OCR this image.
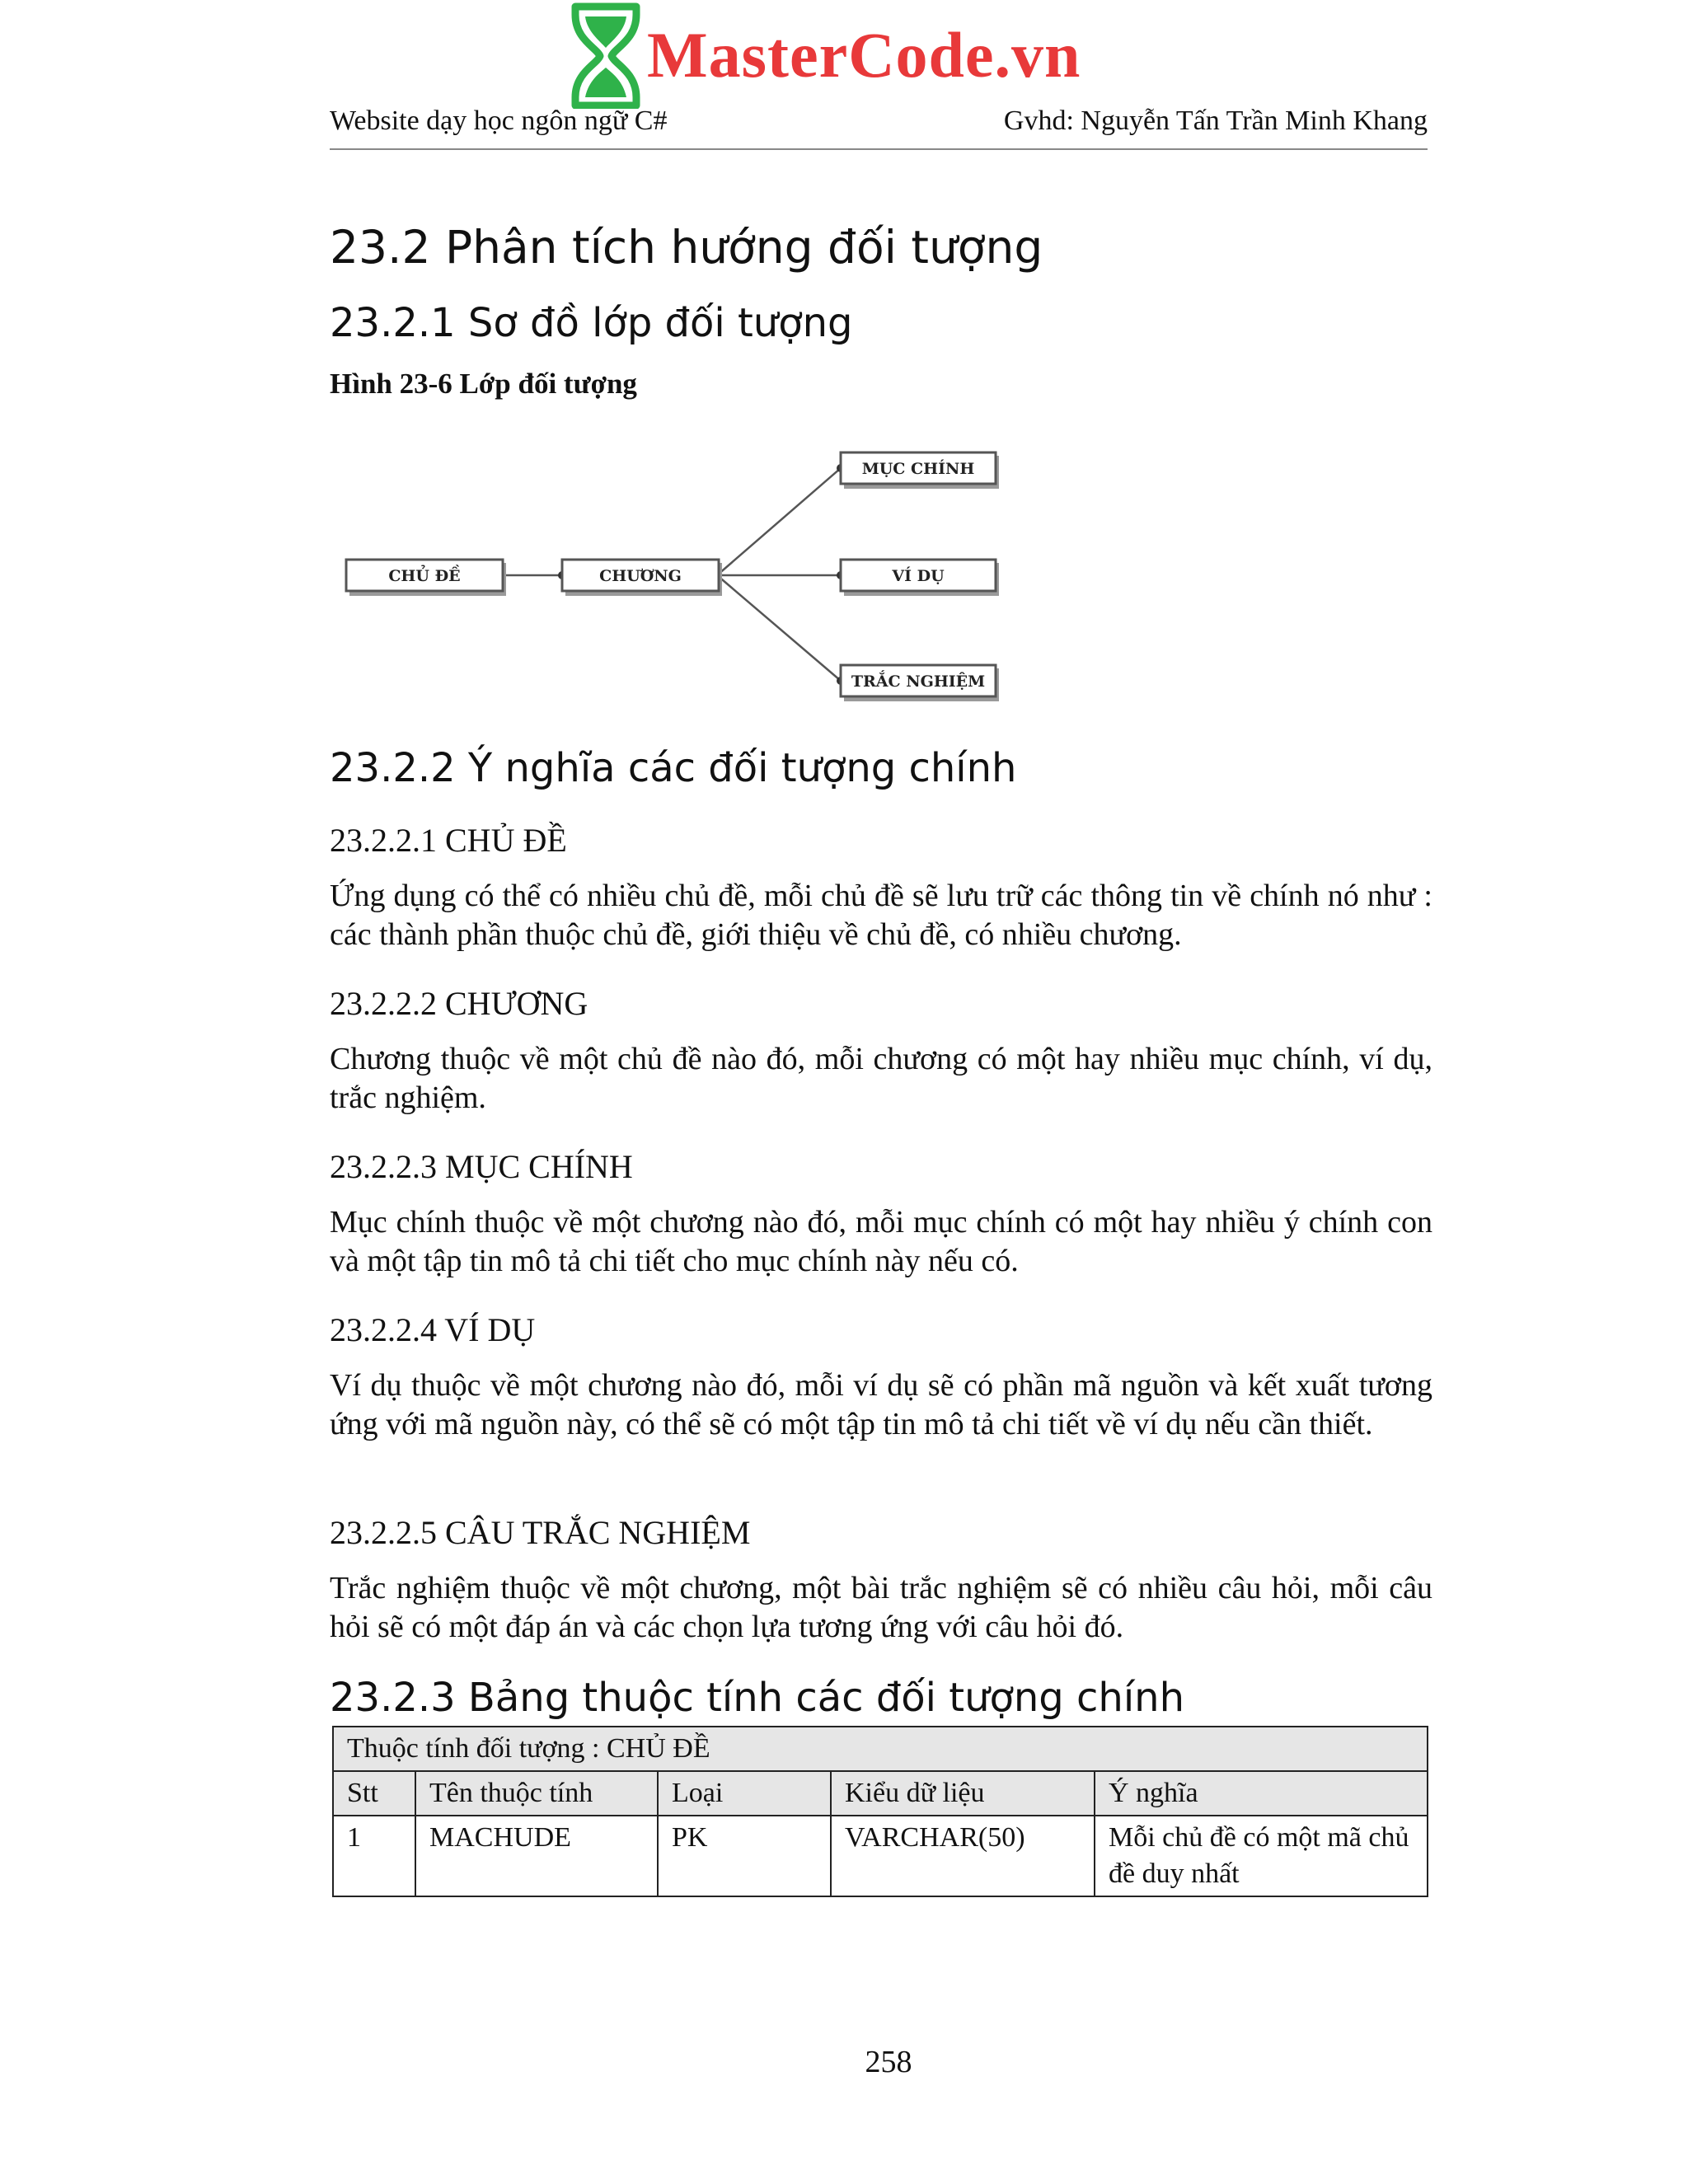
MasterCode.vn
Website dạy học ngôn ngữ C#	Gvhd: Nguyễn Tấn Trần Minh Khang
23.2 Phân tích hướng đối tượng
23.2.1 Sơ đồ lớp đối tượng
Hình 23-6 Lớp đối tượng
CHỦ ĐỀ	CHƯƠNG
MỤC CHÍNH
VÍ DỤ
TRẮC NGHIỆM
23.2.2 Ý nghĩa các đối tượng chính
23.2.2.1 CHỦ ĐỀ
Ứng dụng có thể có nhiều chủ đề, mỗi chủ đề sẽ lưu trữ các thông tin về chính nó như : các thành phần thuộc chủ đề, giới thiệu về chủ đề, có nhiều chương.
23.2.2.2 CHƯƠNG
Chương thuộc về một chủ đề nào đó, mỗi chương có một hay nhiều mục chính, ví dụ, trắc nghiệm.
23.2.2.3 MỤC CHÍNH
Mục chính thuộc về một chương nào đó, mỗi mục chính có một hay nhiều ý chính con và một tập tin mô tả chi tiết cho mục chính này nếu có.
23.2.2.4 VÍ DỤ
Ví dụ thuộc về một chương nào đó, mỗi ví dụ sẽ có phần mã nguồn và kết xuất tương ứng với mã nguồn này, có thể sẽ có một tập tin mô tả chi tiết về ví dụ nếu cần thiết.
23.2.2.5 CÂU TRẮC NGHIỆM
Trắc nghiệm thuộc về một chương, một bài trắc nghiệm sẽ có nhiều câu hỏi, mỗi câu hỏi sẽ có một đáp án và các chọn lựa tương ứng với câu hỏi đó.
23.2.3 Bảng thuộc tính các đối tượng chính
Thuộc tính đối tượng : CHỦ ĐỀ				
Stt	Tên thuộc tính	Loại	Kiểu dữ liệu	Ý nghĩa
1	MACHUDE	PK	VARCHAR(50)	Mỗi chủ đề có một mã chủ đề duy nhất
258
